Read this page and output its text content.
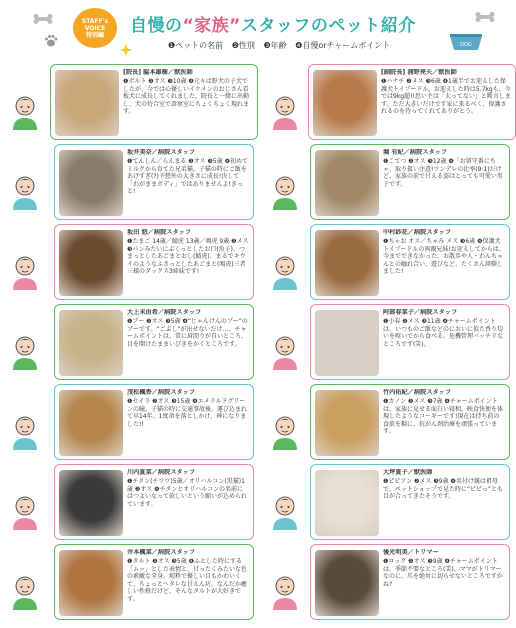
STAFF's
VOICE
特別編 自慢の“家族”スタッフのペット紹介
❶ペットの名前 ❷性別 ❸年齢 ❹自慢orチャームポイント	DOG
[院長] 脇本雄樹／獣医師
❶ボルト ❷オス ❸10歳 ❹元々は野犬の子犬でしたが、今では心優しいイケメンのおじさん看板犬に成長してくれました。院長と一緒に出勤し、犬の待合室で診察室にちょくちょく現れます。
[副院長] 浦野亮夫／獣医師
❶ハナチ ❷メス ❸6歳 ❹1歳半でお迎えした保護犬トイプードル。お迎えした時は5.7kgも、今では9kg超!!思い主は「太ってない」と断言します。ただ大きいだけです家に来るべく、保護されるのを待ってくれてありがとう。
坂井美奈／病院スタッフ
❶てんしん／らんまる ❷オス ❸5歳 ❹初めてミルクから育てた兄弟猫。子猫の時にご飯をあげすぎ(?)予想外の大きさに成長!決して「わがままボディ」ではありませんよ!きっと!
堀 有紀／病院スタッフ
❶こてつ ❷オス ❸12歳 ❹「お留守番にちゃ、取り扱い注意!ツンデレの比率(9:1)だけど、家族の前で甘える姿はとっても可愛い男子です。
坂田 悠／病院スタッフ
❶たまご 14歳／鯖虎 13歳／鳴虎 9歳 ❷メス ❸パンみたいにぶくっとしたお口(魚子)、つまっとしたあごまとおし(鯖虎)、まるでキウイのようなふさっとしたあごまと(鳴虎)三者三様のダックス3姉妹です!
中村紗花／病院スタッフ
❶ちゃお オス／ちゃみ メス ❸6歳 ❹保護犬トイプードルの両親兄妹!お迎えしてからは、今までできなかった、お散歩や人・わんちゃんとの触れ合い、遊びなど、たくさん経験しました!
大上未由希／病院スタッフ
❶ブー ❷オス ❸5歳 ❹“じゃんけんのブー”のブーです。“ごぶし”が出せないだけ…。チャームポイントは、常に眉間りが自いところ、目を開けたままいびきをかくところです。
阿部春菜子／病院スタッフ
❶小春 ❷メス ❸11歳 ❹チャームポイントは、いつものご飯などのにおいに似た香り匂いを嗅いでから食べる。危機管理バッチリなところです(笑)。
茂松楓香／病院スタッフ
❶セイラ ❷オス ❸15歳 ❹エメラルドグリーンの瞳。子猫の時に交通事故後、運び込まれて早14年。1度命を落としかけ、神になりました!!
竹内佑紀／病院スタッフ
❶カノン ❷メス ❸7歳 ❹チャームポイントは、家族に見せる面白い寝相。映食快便を体現したようなコーギーです!現在は持ち前の食欲を糧に、抗がん剤治療を頑張っています。
川内夏菜／病院スタッフ
❶チタン(チワワ)5歳／オリハルコン(黒猫)1歳 ❷オス ❹チタンとオリハルコンの名前にはつよいなって欲しいという願いが込められています。
大坪夏子／獣医師
❶ピピアン ❷メス ❸9歳 ❹名付け親は祖母で、ペットショップで見た時に“ピピっ”とも目が合ってきたそうです。
井本楓菜／病院スタッフ
❶タルト ❷オス ❸5歳 ❹ふとした時にする「ムッ」とした表情と、甘ったくみたいな色の素敵な全身。純粋で優しい目もかわいくて、ちょっとヘタレな甘えん坊。なんだか癒しい性格だけど、そんなタルトが大好きです。
後光明美／トリマー
❶ロック ❷オス ❸9歳 ❹チャームポイントは、季節不要なところ(笑)。ママがトリマーなのに、爪を絶対に切らせないところですかね?
